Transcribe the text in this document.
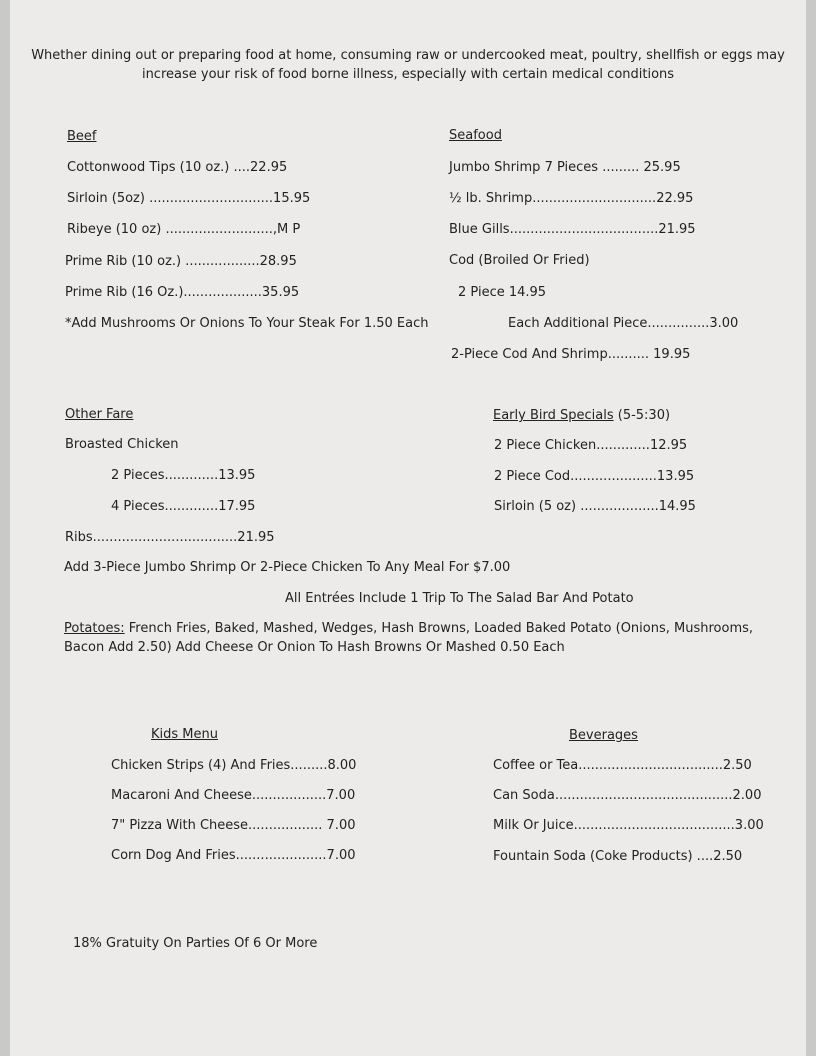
Whether dining out or preparing food at home, consuming raw or undercooked meat, poultry, shellfish or eggs may
increase your risk of food borne illness, especially with certain medical conditions
Beef
Cottonwood Tips (10 oz.) ....22.95
Sirloin (5oz) ..............................15.95
Ribeye (10 oz) ..........................,M P
Prime Rib (10 oz.) ..................28.95
Prime Rib (16 Oz.)...................35.95
*Add Mushrooms Or Onions To Your Steak For 1.50 Each
Seafood
Jumbo Shrimp 7 Pieces ......... 25.95
½ lb. Shrimp..............................22.95
Blue Gills....................................21.95
Cod (Broiled Or Fried)
2 Piece 14.95
Each Additional Piece...............3.00
2-Piece Cod And Shrimp.......... 19.95
Other Fare
Broasted Chicken
2 Pieces.............13.95
4 Pieces.............17.95
Ribs...................................21.95
Add 3-Piece Jumbo Shrimp Or 2-Piece Chicken To Any Meal For $7.00
Early Bird Specials (5-5:30)
2 Piece Chicken.............12.95
2 Piece Cod.....................13.95
Sirloin (5 oz) ...................14.95
All Entrées Include 1 Trip To The Salad Bar And Potato
Potatoes: French Fries, Baked, Mashed, Wedges, Hash Browns, Loaded Baked Potato (Onions, Mushrooms, Bacon Add 2.50) Add Cheese Or Onion To Hash Browns Or Mashed 0.50 Each
Kids Menu
Chicken Strips (4) And Fries.........8.00
Macaroni And Cheese..................7.00
7" Pizza With Cheese.................. 7.00
Corn Dog And Fries......................7.00
Beverages
Coffee or Tea...................................2.50
Can Soda...........................................2.00
Milk Or Juice.......................................3.00
Fountain Soda (Coke Products) ....2.50
18% Gratuity On Parties Of 6 Or More
